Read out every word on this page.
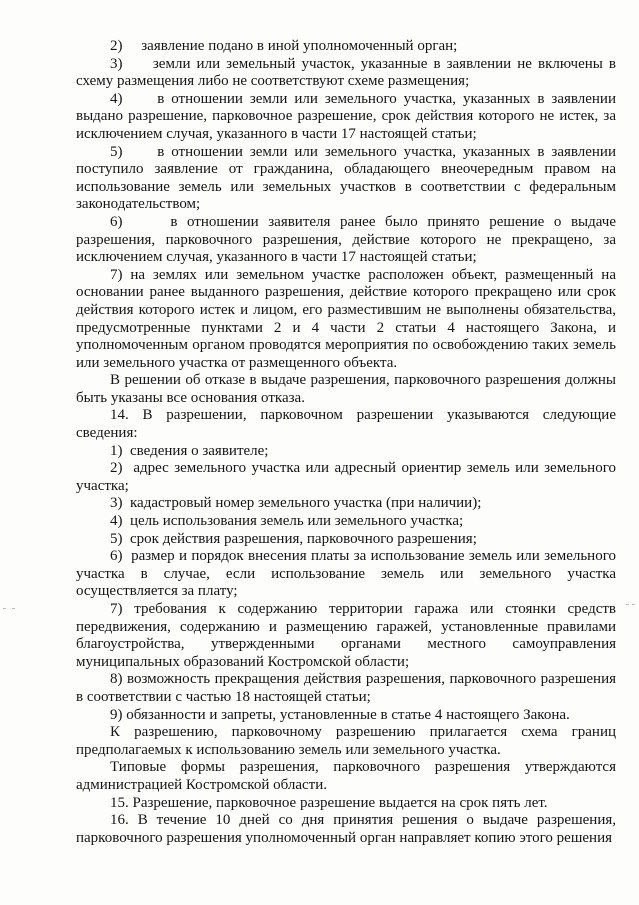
2)     заявление подано в иной уполномоченный орган;

3)     земли или земельный участок, указанные в заявлении не включены в схему размещения либо не соответствуют схеме размещения;

4)     в отношении земли или земельного участка, указанных в заявлении выдано разрешение, парковочное разрешение, срок действия которого не истек, за исключением случая, указанного в части 17 настоящей статьи;

5)     в отношении земли или земельного участка, указанных в заявлении поступило заявление от гражданина, обладающего внеочередным правом на использование земель или земельных участков в соответствии с федеральным законодательством;

6)     в отношении заявителя ранее было принято решение о выдаче разрешения, парковочного разрешения, действие которого не прекращено, за исключением случая, указанного в части 17 настоящей статьи;

7) на землях или земельном участке расположен объект, размещенный на основании ранее выданного разрешения, действие которого прекращено или срок действия которого истек и лицом, его разместившим не выполнены обязательства, предусмотренные пунктами 2 и 4 части 2 статьи 4 настоящего Закона, и уполномоченным органом проводятся мероприятия по освобождению таких земель или земельного участка от размещенного объекта.

В решении об отказе в выдаче разрешения, парковочного разрешения должны быть указаны все основания отказа.

14. В разрешении, парковочном разрешении указываются следующие сведения:

1)  сведения о заявителе;

2)  адрес земельного участка или адресный ориентир земель или земельного участка;

3)  кадастровый номер земельного участка (при наличии);

4)  цель использования земель или земельного участка;

5)  срок действия разрешения, парковочного разрешения;

6)  размер и порядок внесения платы за использование земель или земельного участка в случае, если использование земель или земельного участка осуществляется за плату;

7) требования к содержанию территории гаража или стоянки средств передвижения, содержанию и размещению гаражей, установленные правилами благоустройства, утвержденными органами местного самоуправления муниципальных образований Костромской области;

8) возможность прекращения действия разрешения, парковочного разрешения в соответствии с частью 18 настоящей статьи;

9) обязанности и запреты, установленные в статье 4 настоящего Закона.

К разрешению, парковочному разрешению прилагается схема границ предполагаемых к использованию земель или земельного участка.

Типовые формы разрешения, парковочного разрешения утверждаются администрацией Костромской области.

15. Разрешение, парковочное разрешение выдается на срок пять лет.

16. В течение 10 дней со дня принятия решения о выдаче разрешения, парковочного разрешения уполномоченный орган направляет копию этого решения
